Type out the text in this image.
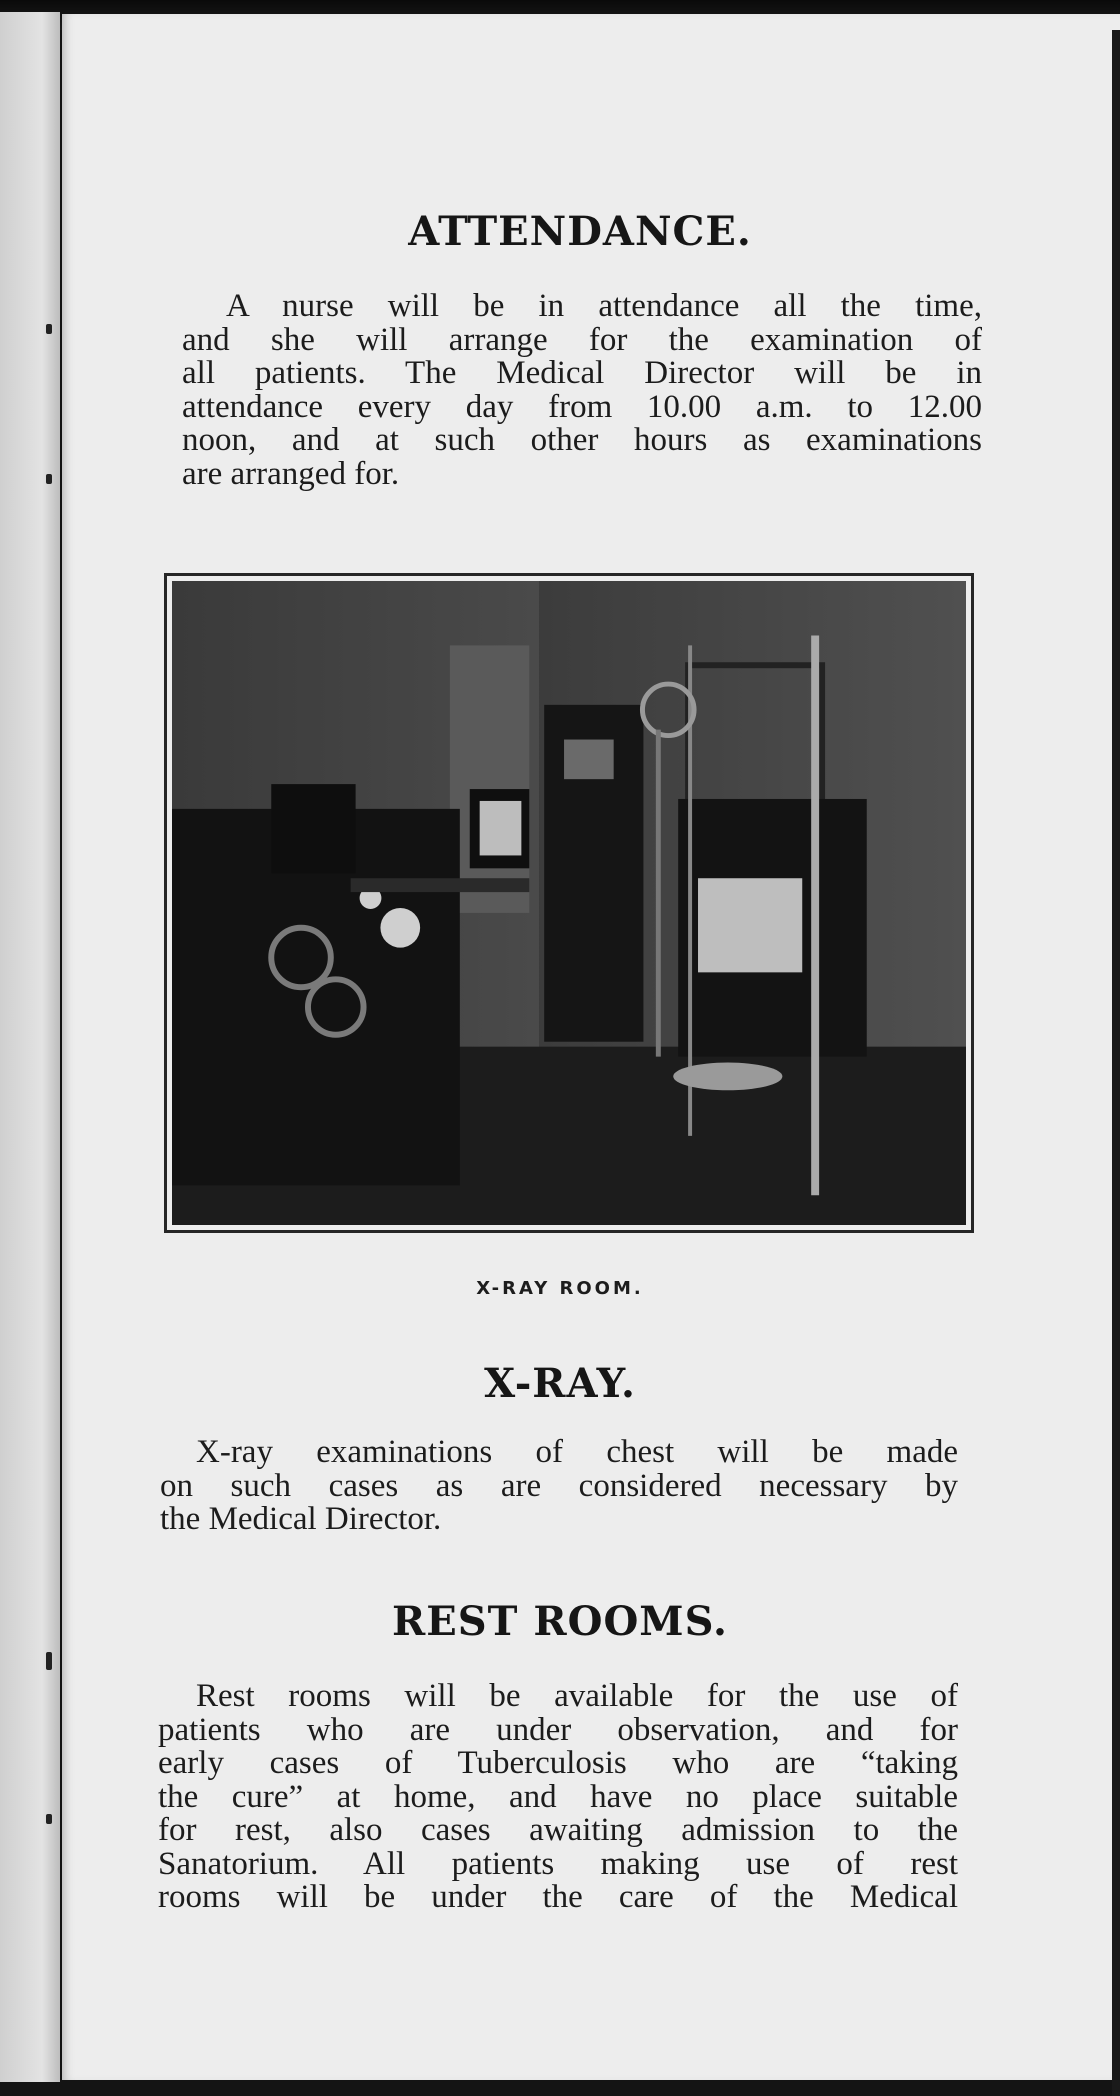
ATTENDANCE.
A nurse will be in attendance all the time,
and she will arrange for the examination of
all patients. The Medical Director will be in
attendance every day from 10.00 a.m. to 12.00
noon, and at such other hours as examinations
are arranged for.

X-RAY ROOM.

X-RAY.
X-ray examinations of chest will be made
on such cases as are considered necessary by
the Medical Director.
REST ROOMS.
Rest rooms will be available for the use of
patients who are under observation, and for
early cases of Tuberculosis who are “taking
the cure” at home, and have no place suitable
for rest, also cases awaiting admission to the
Sanatorium. All patients making use of rest
rooms will be under the care of the Medical
